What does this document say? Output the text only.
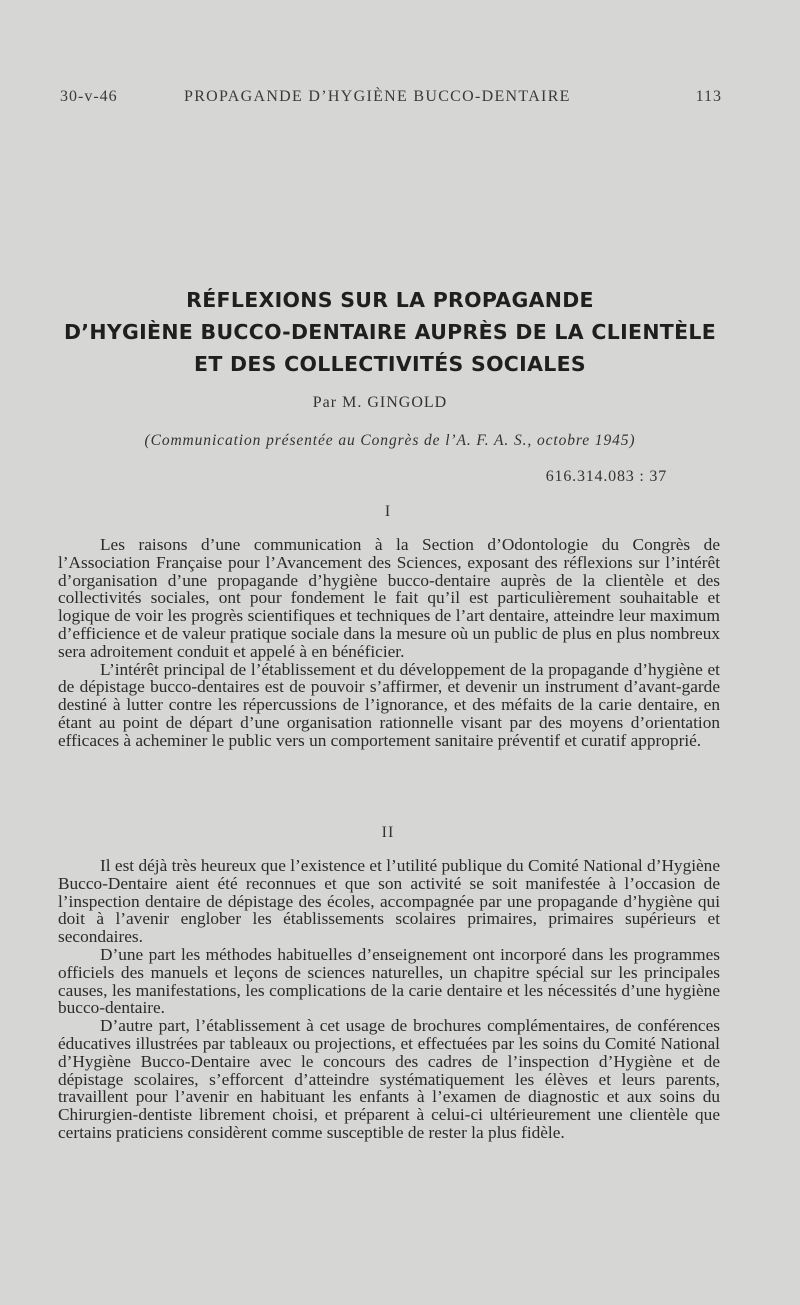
30-v-46	PROPAGANDE D’HYGIÈNE BUCCO-DENTAIRE	113
RÉFLEXIONS SUR LA PROPAGANDE
D’HYGIÈNE BUCCO-DENTAIRE AUPRÈS DE LA CLIENTÈLE
ET DES COLLECTIVITÉS SOCIALES
Par M. GINGOLD
(Communication présentée au Congrès de l’A. F. A. S., octobre 1945)
616.314.083 : 37
I

Les raisons d’une communication à la Section d’Odontologie du Congrès de l’Association Française pour l’Avancement des Sciences, exposant des réflexions sur l’intérêt d’organisation d’une propagande d’hygiène bucco-dentaire auprès de la clientèle et des collectivités sociales, ont pour fondement le fait qu’il est particulièrement souhaitable et logique de voir les progrès scientifiques et techniques de l’art dentaire, atteindre leur maximum d’efficience et de valeur pratique sociale dans la mesure où un public de plus en plus nombreux sera adroitement conduit et appelé à en bénéficier.

L’intérêt principal de l’établissement et du développement de la propagande d’hygiène et de dépistage bucco-dentaires est de pouvoir s’affirmer, et devenir un instrument d’avant-garde destiné à lutter contre les répercussions de l’ignorance, et des méfaits de la carie dentaire, en étant au point de départ d’une organisation rationnelle visant par des moyens d’orientation efficaces à acheminer le public vers un comportement sanitaire préventif et curatif approprié.

II

Il est déjà très heureux que l’existence et l’utilité publique du Comité National d’Hygiène Bucco-Dentaire aient été reconnues et que son activité se soit manifestée à l’occasion de l’inspection dentaire de dépistage des écoles, accompagnée par une propagande d’hygiène qui doit à l’avenir englober les établissements scolaires primaires, primaires supérieurs et secondaires.

D’une part les méthodes habituelles d’enseignement ont incorporé dans les programmes officiels des manuels et leçons de sciences naturelles, un chapitre spécial sur les principales causes, les manifestations, les complications de la carie dentaire et les nécessités d’une hygiène bucco-dentaire.

D’autre part, l’établissement à cet usage de brochures complémentaires, de conférences éducatives illustrées par tableaux ou projections, et effectuées par les soins du Comité National d’Hygiène Bucco-Dentaire avec le concours des cadres de l’inspection d’Hygiène et de dépistage scolaires, s’efforcent d’atteindre systématiquement les élèves et leurs parents, travaillent pour l’avenir en habituant les enfants à l’examen de diagnostic et aux soins du Chirurgien-dentiste librement choisi, et préparent à celui-ci ultérieurement une clientèle que certains praticiens considèrent comme susceptible de rester la plus fidèle.
